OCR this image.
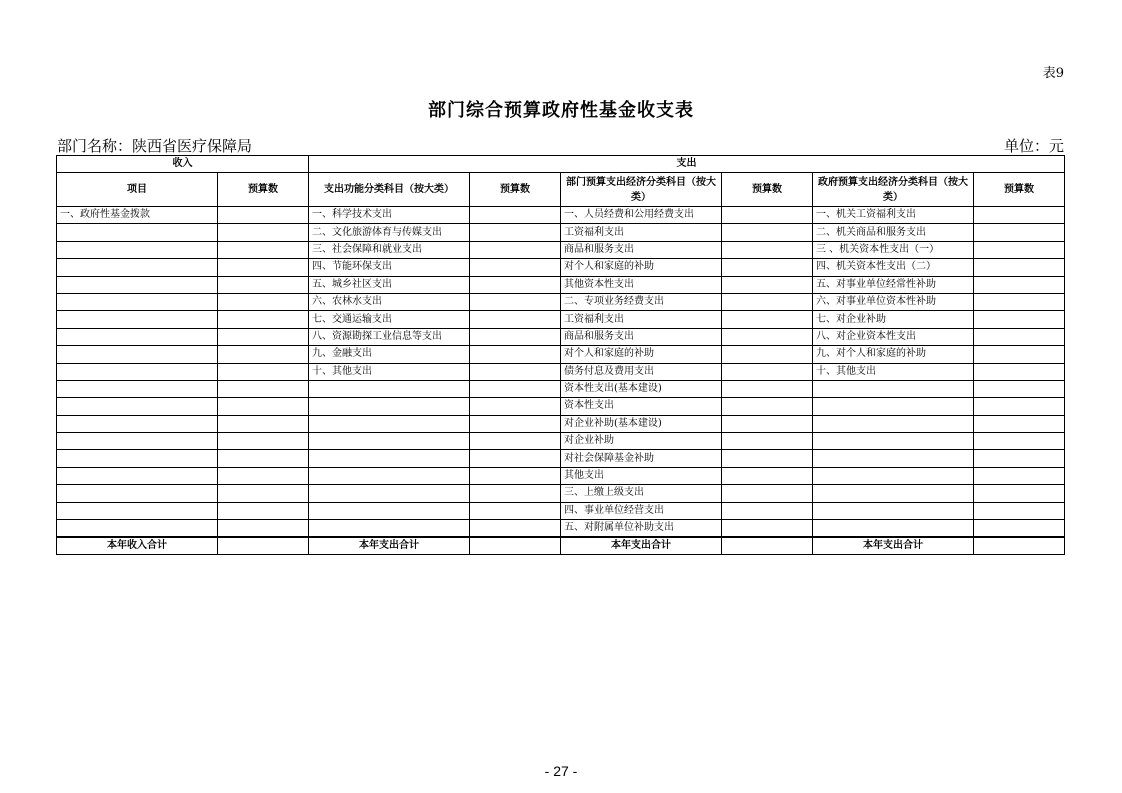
表9
部门综合预算政府性基金收支表
部门名称：陕西省医疗保障局	单位：元
收入		支出					
项目	预算数	支出功能分类科目（按大类）	预算数	部门预算支出经济分类科目（按大类）	预算数	政府预算支出经济分类科目（按大类）	预算数
一、政府性基金拨款		一、科学技术支出		一、人员经费和公用经费支出		一、机关工资福利支出	
		二、文化旅游体育与传媒支出		工资福利支出		二、机关商品和服务支出	
		三、社会保障和就业支出		商品和服务支出		三 、机关资本性支出（一）	
		四、节能环保支出		对个人和家庭的补助		四、机关资本性支出（二）	
		五、城乡社区支出		其他资本性支出		五、对事业单位经常性补助	
		六、农林水支出		二、专项业务经费支出		六、对事业单位资本性补助	
		七、交通运输支出		工资福利支出		七、对企业补助	
		八、资源勘探工业信息等支出		商品和服务支出		八、对企业资本性支出	
		九、金融支出		对个人和家庭的补助		九、对个人和家庭的补助	
		十、其他支出		债务付息及费用支出		十、其他支出	
				资本性支出(基本建设)			
				资本性支出			
				对企业补助(基本建设)			
				对企业补助			
				对社会保障基金补助			
				其他支出			
				三、上缴上级支出			
				四、事业单位经营支出			
				五、对附属单位补助支出			
本年收入合计		本年支出合计		本年支出合计		本年支出合计	
- 27 -
